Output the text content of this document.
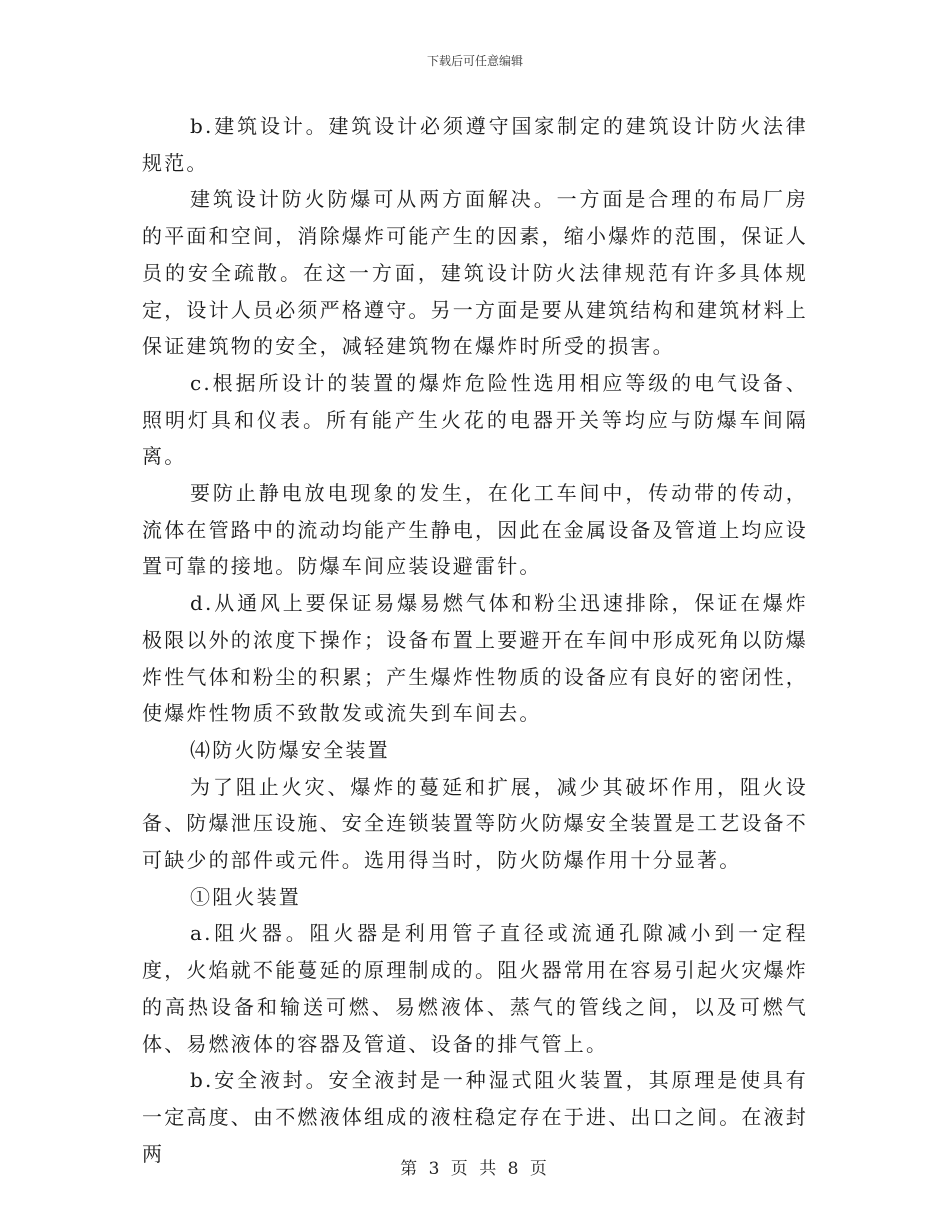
下载后可任意编辑

b.建筑设计。建筑设计必须遵守国家制定的建筑设计防火法律规范。

建筑设计防火防爆可从两方面解决。一方面是合理的布局厂房的平面和空间，消除爆炸可能产生的因素，缩小爆炸的范围，保证人员的安全疏散。在这一方面，建筑设计防火法律规范有许多具体规定，设计人员必须严格遵守。另一方面是要从建筑结构和建筑材料上保证建筑物的安全，减轻建筑物在爆炸时所受的损害。

c.根据所设计的装置的爆炸危险性选用相应等级的电气设备、照明灯具和仪表。所有能产生火花的电器开关等均应与防爆车间隔离。

要防止静电放电现象的发生，在化工车间中，传动带的传动，流体在管路中的流动均能产生静电，因此在金属设备及管道上均应设置可靠的接地。防爆车间应装设避雷针。

d.从通风上要保证易爆易燃气体和粉尘迅速排除，保证在爆炸极限以外的浓度下操作；设备布置上要避开在车间中形成死角以防爆炸性气体和粉尘的积累；产生爆炸性物质的设备应有良好的密闭性，使爆炸性物质不致散发或流失到车间去。

⑷防火防爆安全装置

为了阻止火灾、爆炸的蔓延和扩展，减少其破坏作用，阻火设备、防爆泄压设施、安全连锁装置等防火防爆安全装置是工艺设备不可缺少的部件或元件。选用得当时，防火防爆作用十分显著。

①阻火装置

a.阻火器。阻火器是利用管子直径或流通孔隙减小到一定程度，火焰就不能蔓延的原理制成的。阻火器常用在容易引起火灾爆炸的高热设备和输送可燃、易燃液体、蒸气的管线之间，以及可燃气体、易燃液体的容器及管道、设备的排气管上。

b.安全液封。安全液封是一种湿式阻火装置，其原理是使具有一定高度、由不燃液体组成的液柱稳定存在于进、出口之间。在液封两

第 3 页 共 8 页
